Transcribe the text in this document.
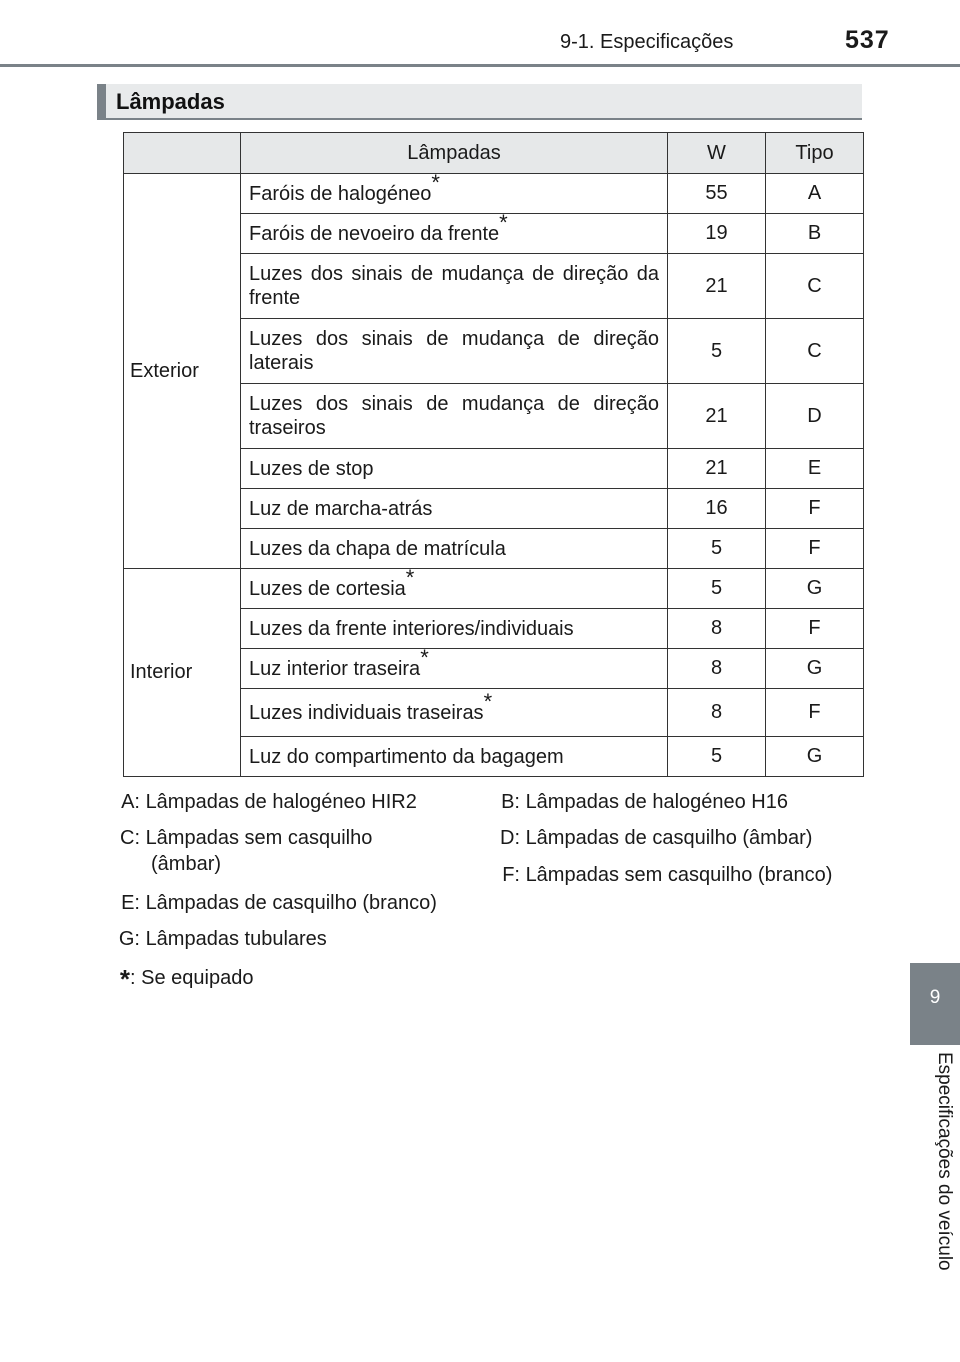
9-1. Especificações	537
Lâmpadas
	Lâmpadas	W	Tipo
Exterior	Faróis de halogéneo*	55	A
	Faróis de nevoeiro da frente*	19	B
	Luzes dos sinais de mudança de direção da frente	21	C
	Luzes dos sinais de mudança de direção laterais	5	C
	Luzes dos sinais de mudança de direção traseiros	21	D
	Luzes de stop	21	E
	Luz de marcha-atrás	16	F
	Luzes da chapa de matrícula	5	F
Interior	Luzes de cortesia*	5	G
	Luzes da frente interiores/individuais	8	F
	Luz interior traseira*	8	G
	Luzes individuais traseiras*	8	F
	Luz do compartimento da bagagem	5	G
A: Lâmpadas de halogéneo HIR2	B: Lâmpadas de halogéneo H16
C: Lâmpadas sem casquilho
(âmbar)
D: Lâmpadas de casquilho (âmbar)
F: Lâmpadas sem casquilho (branco)
E: Lâmpadas de casquilho (branco)
G: Lâmpadas tubulares
*: Se equipado
9
Especificações do veículo
